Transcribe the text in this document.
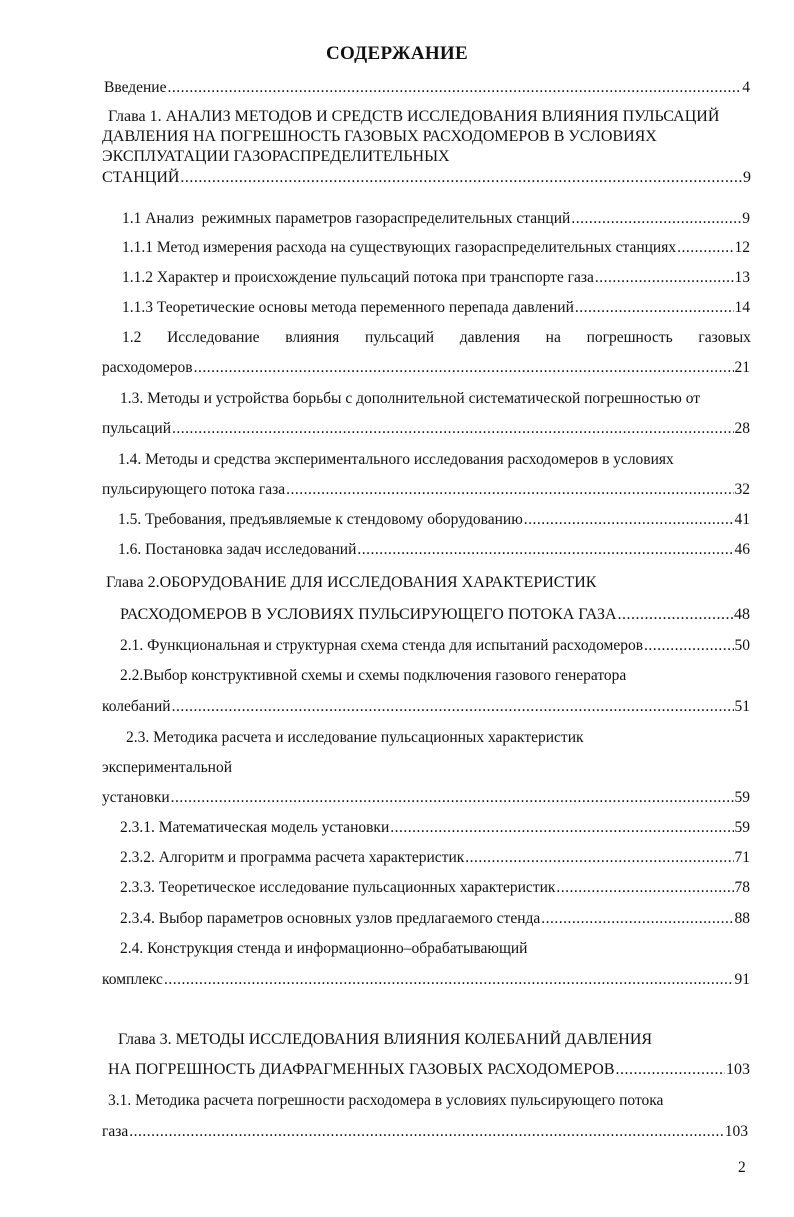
СОДЕРЖАНИЕ
Введение .....	4
Глава 1. АНАЛИЗ МЕТОДОВ И СРЕДСТВ ИССЛЕДОВАНИЯ ВЛИЯНИЯ ПУЛЬСАЦИЙ
ДАВЛЕНИЯ НА ПОГРЕШНОСТЬ ГАЗОВЫХ РАСХОДОМЕРОВ В УСЛОВИЯХ
ЭКСПЛУАТАЦИИ ГАЗОРАСПРЕДЕЛИТЕЛЬНЫХ
СТАНЦИЙ .....	9
1.1 Анализ  режимных параметров газораспределительных станций .....	9
1.1.1 Метод измерения расхода на существующих газораспределительных станциях .....	12
1.1.2 Характер и происхождение пульсаций потока при транспорте газа .....	13
1.1.3 Теоретические основы метода переменного перепада давлений .....	14
1.2 Исследование влияния пульсаций давления на погрешность газовых
расходомеров .....	21
1.3. Методы и устройства борьбы с дополнительной систематической погрешностью от
пульсаций .....	28
1.4. Методы и средства экспериментального исследования расходомеров в условиях
пульсирующего потока газа .....	32
1.5. Требования, предъявляемые к стендовому оборудованию .....	41
1.6. Постановка задач исследований .....	46
Глава 2.ОБОРУДОВАНИЕ ДЛЯ ИССЛЕДОВАНИЯ ХАРАКТЕРИСТИК
РАСХОДОМЕРОВ В УСЛОВИЯХ ПУЛЬСИРУЮЩЕГО ПОТОКА ГАЗА .....	48
2.1. Функциональная и структурная схема стенда для испытаний расходомеров .....	50
2.2.Выбор конструктивной схемы и схемы подключения газового генератора
колебаний .....	51
2.3. Методика расчета и исследование пульсационных характеристик
экспериментальной
установки .....	59
2.3.1. Математическая модель установки .....	59
2.3.2. Алгоритм и программа расчета характеристик .....	71
2.3.3. Теоретическое исследование пульсационных характеристик .....	78
2.3.4. Выбор параметров основных узлов предлагаемого стенда .....	88
2.4. Конструкция стенда и информационно–обрабатывающий
комплекс .....	91
Глава 3. МЕТОДЫ ИССЛЕДОВАНИЯ ВЛИЯНИЯ КОЛЕБАНИЙ ДАВЛЕНИЯ
НА ПОГРЕШНОСТЬ ДИАФРАГМЕННЫХ ГАЗОВЫХ РАСХОДОМЕРОВ .....	103
3.1. Методика расчета погрешности расходомера в условиях пульсирующего потока
газа .....	103
2
